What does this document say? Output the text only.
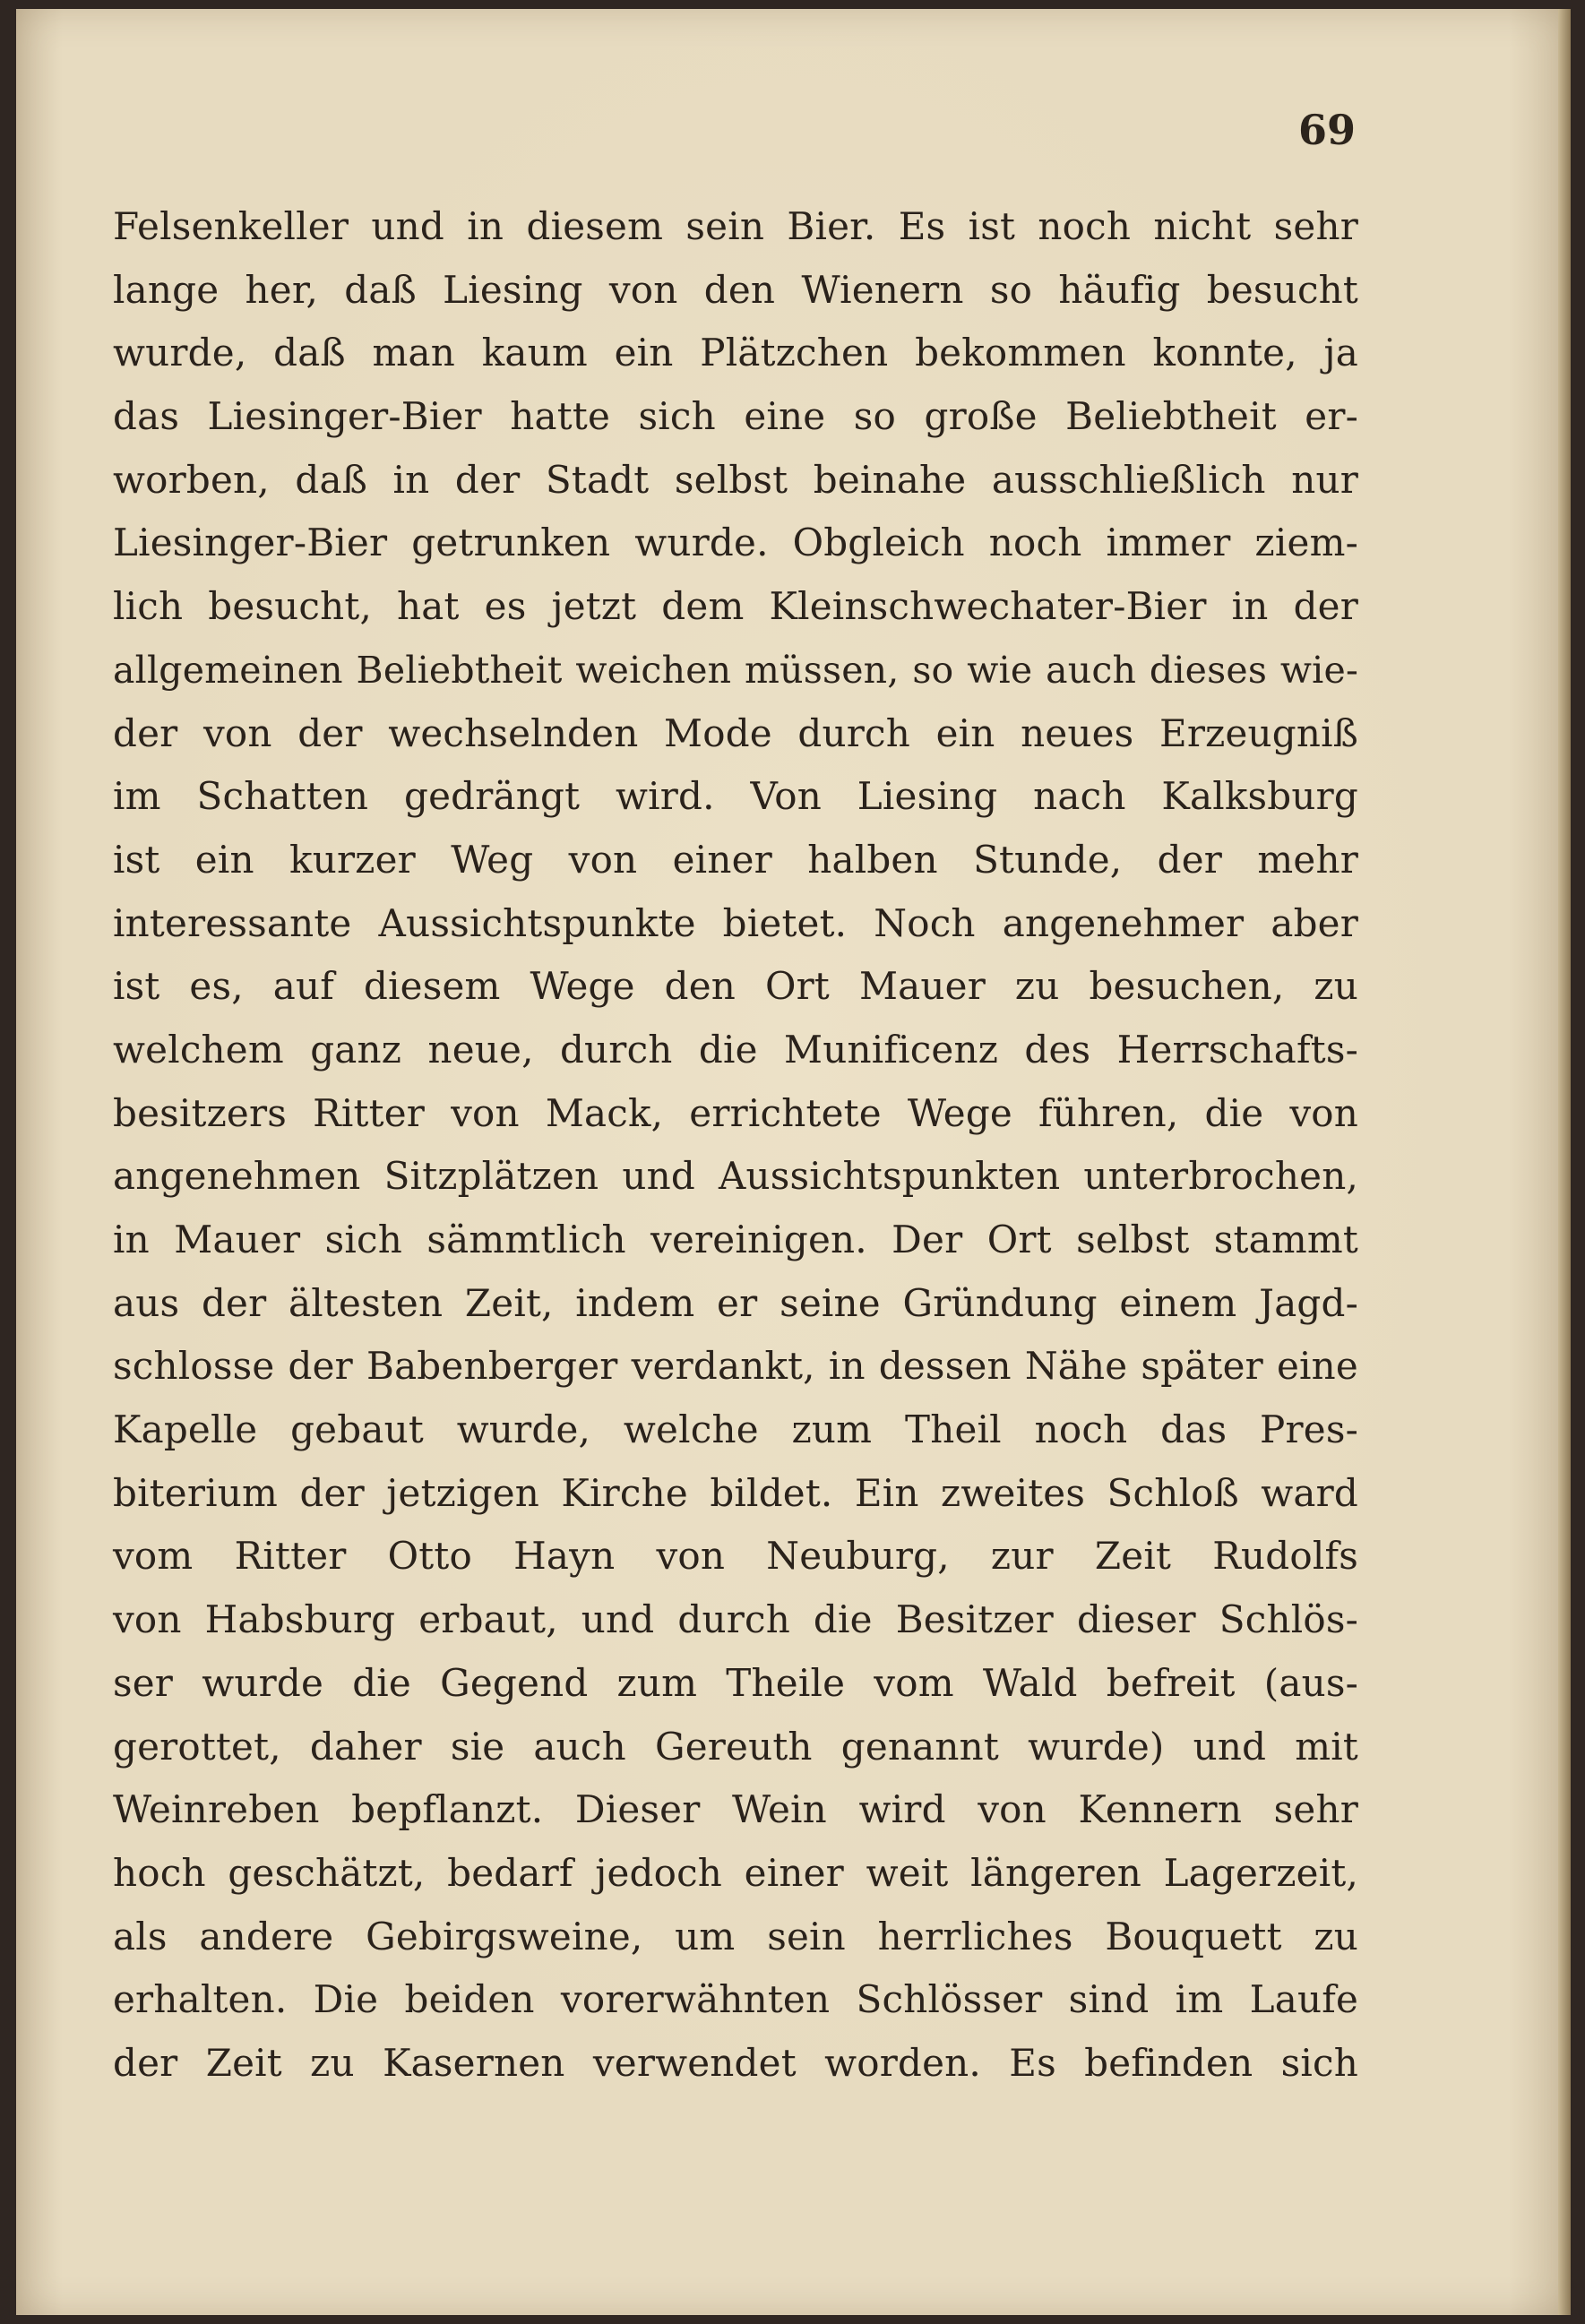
69
Felsenkeller und in diesem sein Bier. Es ist noch nicht sehr
lange her, daß Liesing von den Wienern so häufig besucht
wurde, daß man kaum ein Plätzchen bekommen konnte, ja
das Liesinger-Bier hatte sich eine so große Beliebtheit er-
worben, daß in der Stadt selbst beinahe ausschließlich nur
Liesinger-Bier getrunken wurde. Obgleich noch immer ziem-
lich besucht, hat es jetzt dem Kleinschwechater-Bier in der
allgemeinen Beliebtheit weichen müssen, so wie auch dieses wie-
der von der wechselnden Mode durch ein neues Erzeugniß
im Schatten gedrängt wird. Von Liesing nach Kalksburg
ist ein kurzer Weg von einer halben Stunde, der mehr
interessante Aussichtspunkte bietet. Noch angenehmer aber
ist es, auf diesem Wege den Ort Mauer zu besuchen, zu
welchem ganz neue, durch die Munificenz des Herrschafts-
besitzers Ritter von Mack, errichtete Wege führen, die von
angenehmen Sitzplätzen und Aussichtspunkten unterbrochen,
in Mauer sich sämmtlich vereinigen. Der Ort selbst stammt
aus der ältesten Zeit, indem er seine Gründung einem Jagd-
schlosse der Babenberger verdankt, in dessen Nähe später eine
Kapelle gebaut wurde, welche zum Theil noch das Pres-
biterium der jetzigen Kirche bildet. Ein zweites Schloß ward
vom Ritter Otto Hayn von Neuburg, zur Zeit Rudolfs
von Habsburg erbaut, und durch die Besitzer dieser Schlös-
ser wurde die Gegend zum Theile vom Wald befreit (aus-
gerottet, daher sie auch Gereuth genannt wurde) und mit
Weinreben bepflanzt. Dieser Wein wird von Kennern sehr
hoch geschätzt, bedarf jedoch einer weit längeren Lagerzeit,
als andere Gebirgsweine, um sein herrliches Bouquett zu
erhalten. Die beiden vorerwähnten Schlösser sind im Laufe
der Zeit zu Kasernen verwendet worden. Es befinden sich
